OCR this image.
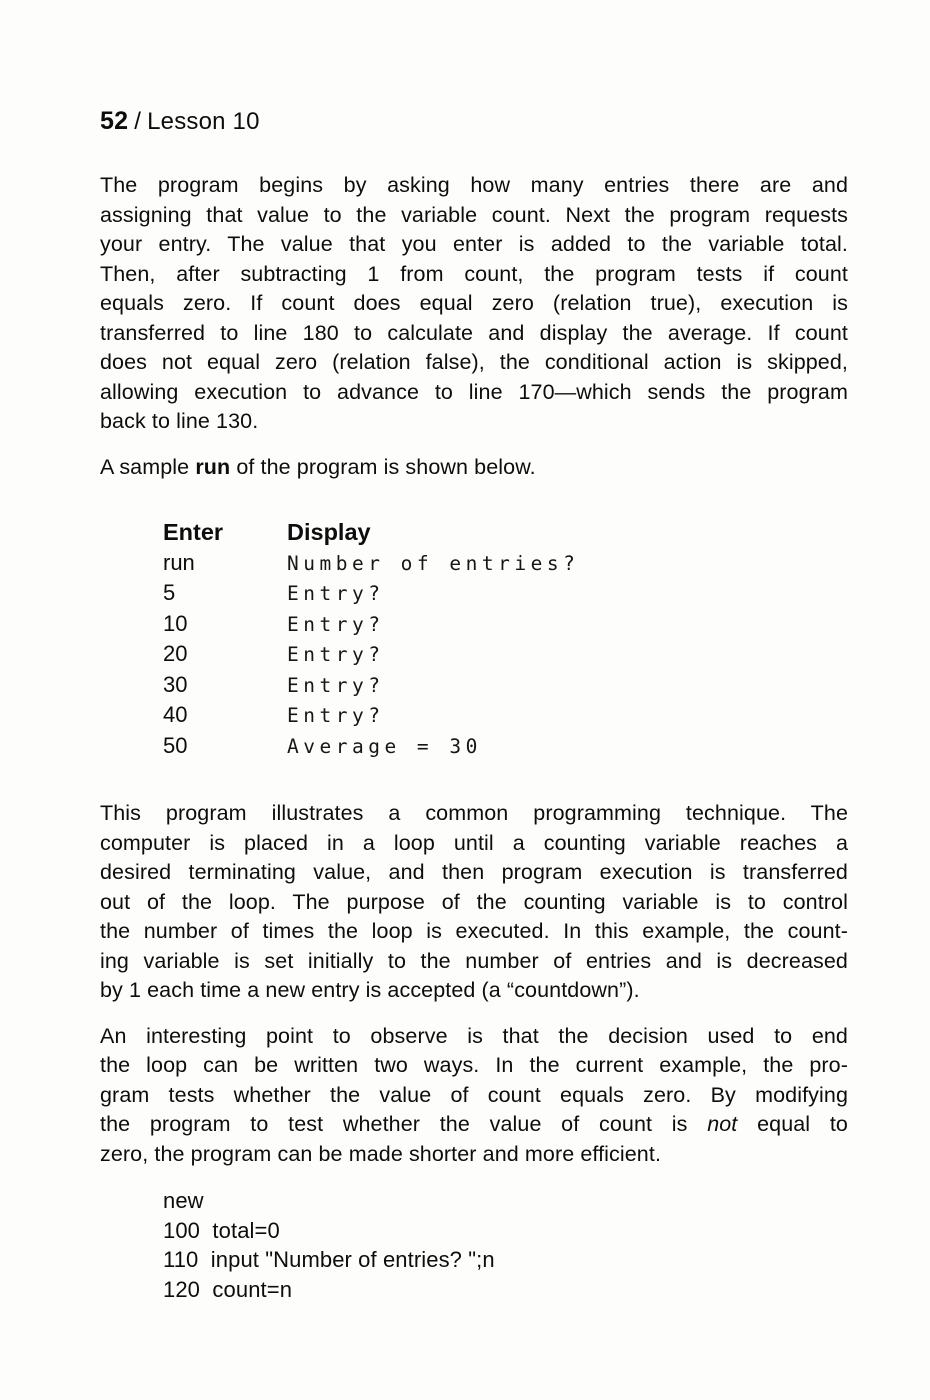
52 / Lesson 10
The program begins by asking how many entries there are and
assigning that value to the variable count. Next the program requests
your entry. The value that you enter is added to the variable total.
Then, after subtracting 1 from count, the program tests if count
equals zero. If count does equal zero (relation true), execution is
transferred to line 180 to calculate and display the average. If count
does not equal zero (relation false), the conditional action is skipped,
allowing execution to advance to line 170—which sends the program
back to line 130.
A sample run of the program is shown below.
Enter	Display
run	Number of entries?
5	Entry?
10	Entry?
20	Entry?
30	Entry?
40	Entry?
50	Average = 30
This program illustrates a common programming technique. The
computer is placed in a loop until a counting variable reaches a
desired terminating value, and then program execution is transferred
out of the loop. The purpose of the counting variable is to control
the number of times the loop is executed. In this example, the count-
ing variable is set initially to the number of entries and is decreased
by 1 each time a new entry is accepted (a “countdown”).
An interesting point to observe is that the decision used to end
the loop can be written two ways. In the current example, the pro-
gram tests whether the value of count equals zero. By modifying
the program to test whether the value of count is not equal to
zero, the program can be made shorter and more efficient.
new
100  total=0
110  input "Number of entries? ";n
120  count=n
